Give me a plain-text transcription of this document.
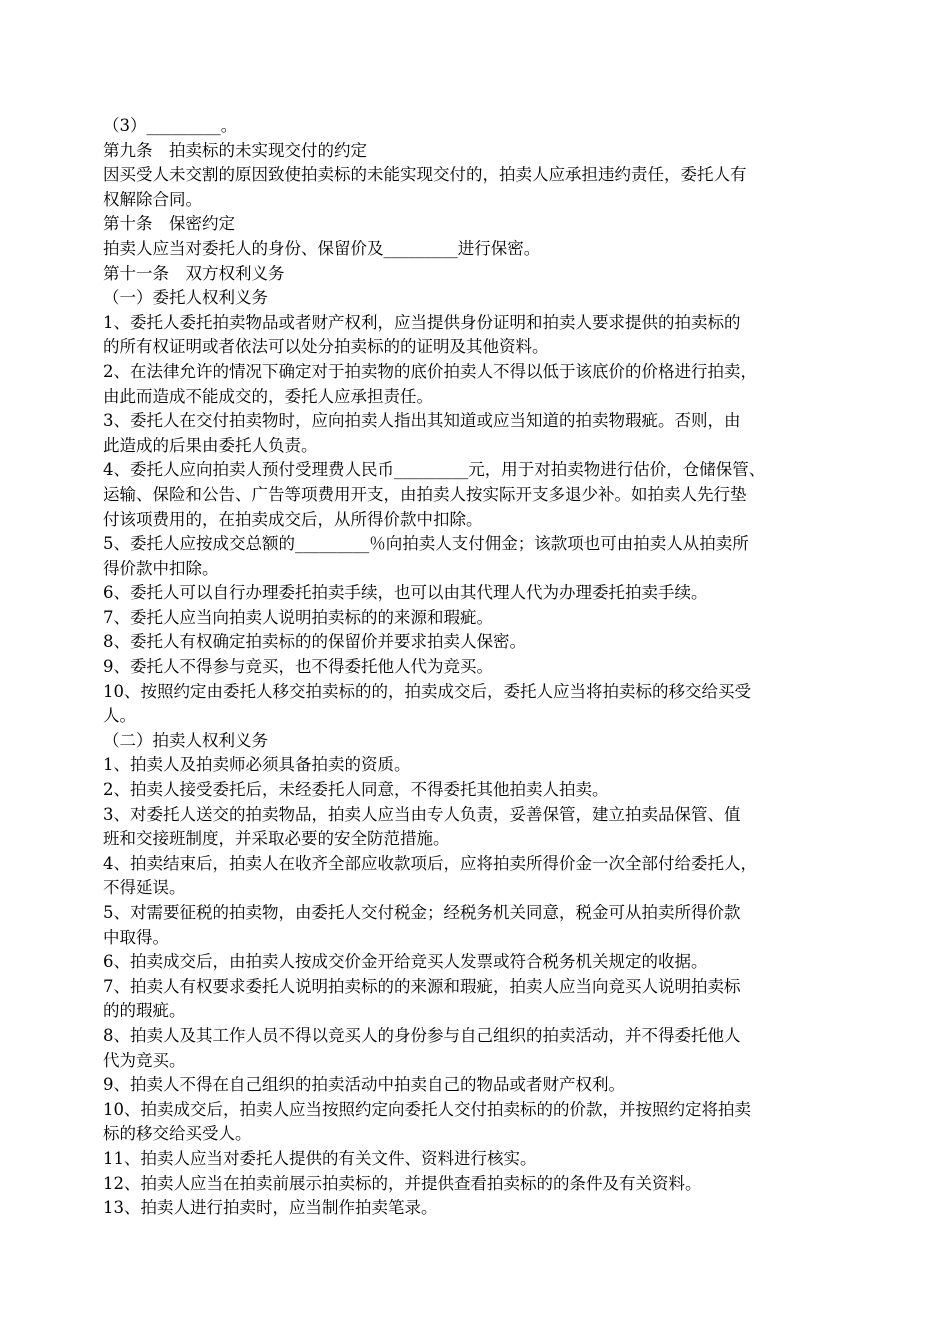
（3）_________。
第九条　拍卖标的未实现交付的约定
因买受人未交割的原因致使拍卖标的未能实现交付的，拍卖人应承担违约责任，委托人有
权解除合同。
第十条　保密约定
拍卖人应当对委托人的身份、保留价及_________进行保密。
第十一条　双方权利义务
（一）委托人权利义务
1、委托人委托拍卖物品或者财产权利，应当提供身份证明和拍卖人要求提供的拍卖标的
的所有权证明或者依法可以处分拍卖标的的证明及其他资料。
2、在法律允许的情况下确定对于拍卖物的底价拍卖人不得以低于该底价的价格进行拍卖，
由此而造成不能成交的，委托人应承担责任。
3、委托人在交付拍卖物时，应向拍卖人指出其知道或应当知道的拍卖物瑕疵。否则，由
此造成的后果由委托人负责。
4、委托人应向拍卖人预付受理费人民币_________元，用于对拍卖物进行估价，仓储保管、
运输、保险和公告、广告等项费用开支，由拍卖人按实际开支多退少补。如拍卖人先行垫
付该项费用的，在拍卖成交后，从所得价款中扣除。
5、委托人应按成交总额的_________％向拍卖人支付佣金；该款项也可由拍卖人从拍卖所
得价款中扣除。
6、委托人可以自行办理委托拍卖手续，也可以由其代理人代为办理委托拍卖手续。
7、委托人应当向拍卖人说明拍卖标的的来源和瑕疵。
8、委托人有权确定拍卖标的的保留价并要求拍卖人保密。
9、委托人不得参与竞买，也不得委托他人代为竞买。
10、按照约定由委托人移交拍卖标的的，拍卖成交后，委托人应当将拍卖标的移交给买受
人。
（二）拍卖人权利义务
1、拍卖人及拍卖师必须具备拍卖的资质。
2、拍卖人接受委托后，未经委托人同意，不得委托其他拍卖人拍卖。
3、对委托人送交的拍卖物品，拍卖人应当由专人负责，妥善保管，建立拍卖品保管、值
班和交接班制度，并采取必要的安全防范措施。
4、拍卖结束后，拍卖人在收齐全部应收款项后，应将拍卖所得价金一次全部付给委托人，
不得延误。
5、对需要征税的拍卖物，由委托人交付税金；经税务机关同意，税金可从拍卖所得价款
中取得。
6、拍卖成交后，由拍卖人按成交价金开给竞买人发票或符合税务机关规定的收据。
7、拍卖人有权要求委托人说明拍卖标的的来源和瑕疵，拍卖人应当向竞买人说明拍卖标
的的瑕疵。
8、拍卖人及其工作人员不得以竞买人的身份参与自己组织的拍卖活动，并不得委托他人
代为竞买。
9、拍卖人不得在自己组织的拍卖活动中拍卖自己的物品或者财产权利。
10、拍卖成交后，拍卖人应当按照约定向委托人交付拍卖标的的价款，并按照约定将拍卖
标的移交给买受人。
11、拍卖人应当对委托人提供的有关文件、资料进行核实。
12、拍卖人应当在拍卖前展示拍卖标的，并提供查看拍卖标的的条件及有关资料。
13、拍卖人进行拍卖时，应当制作拍卖笔录。
